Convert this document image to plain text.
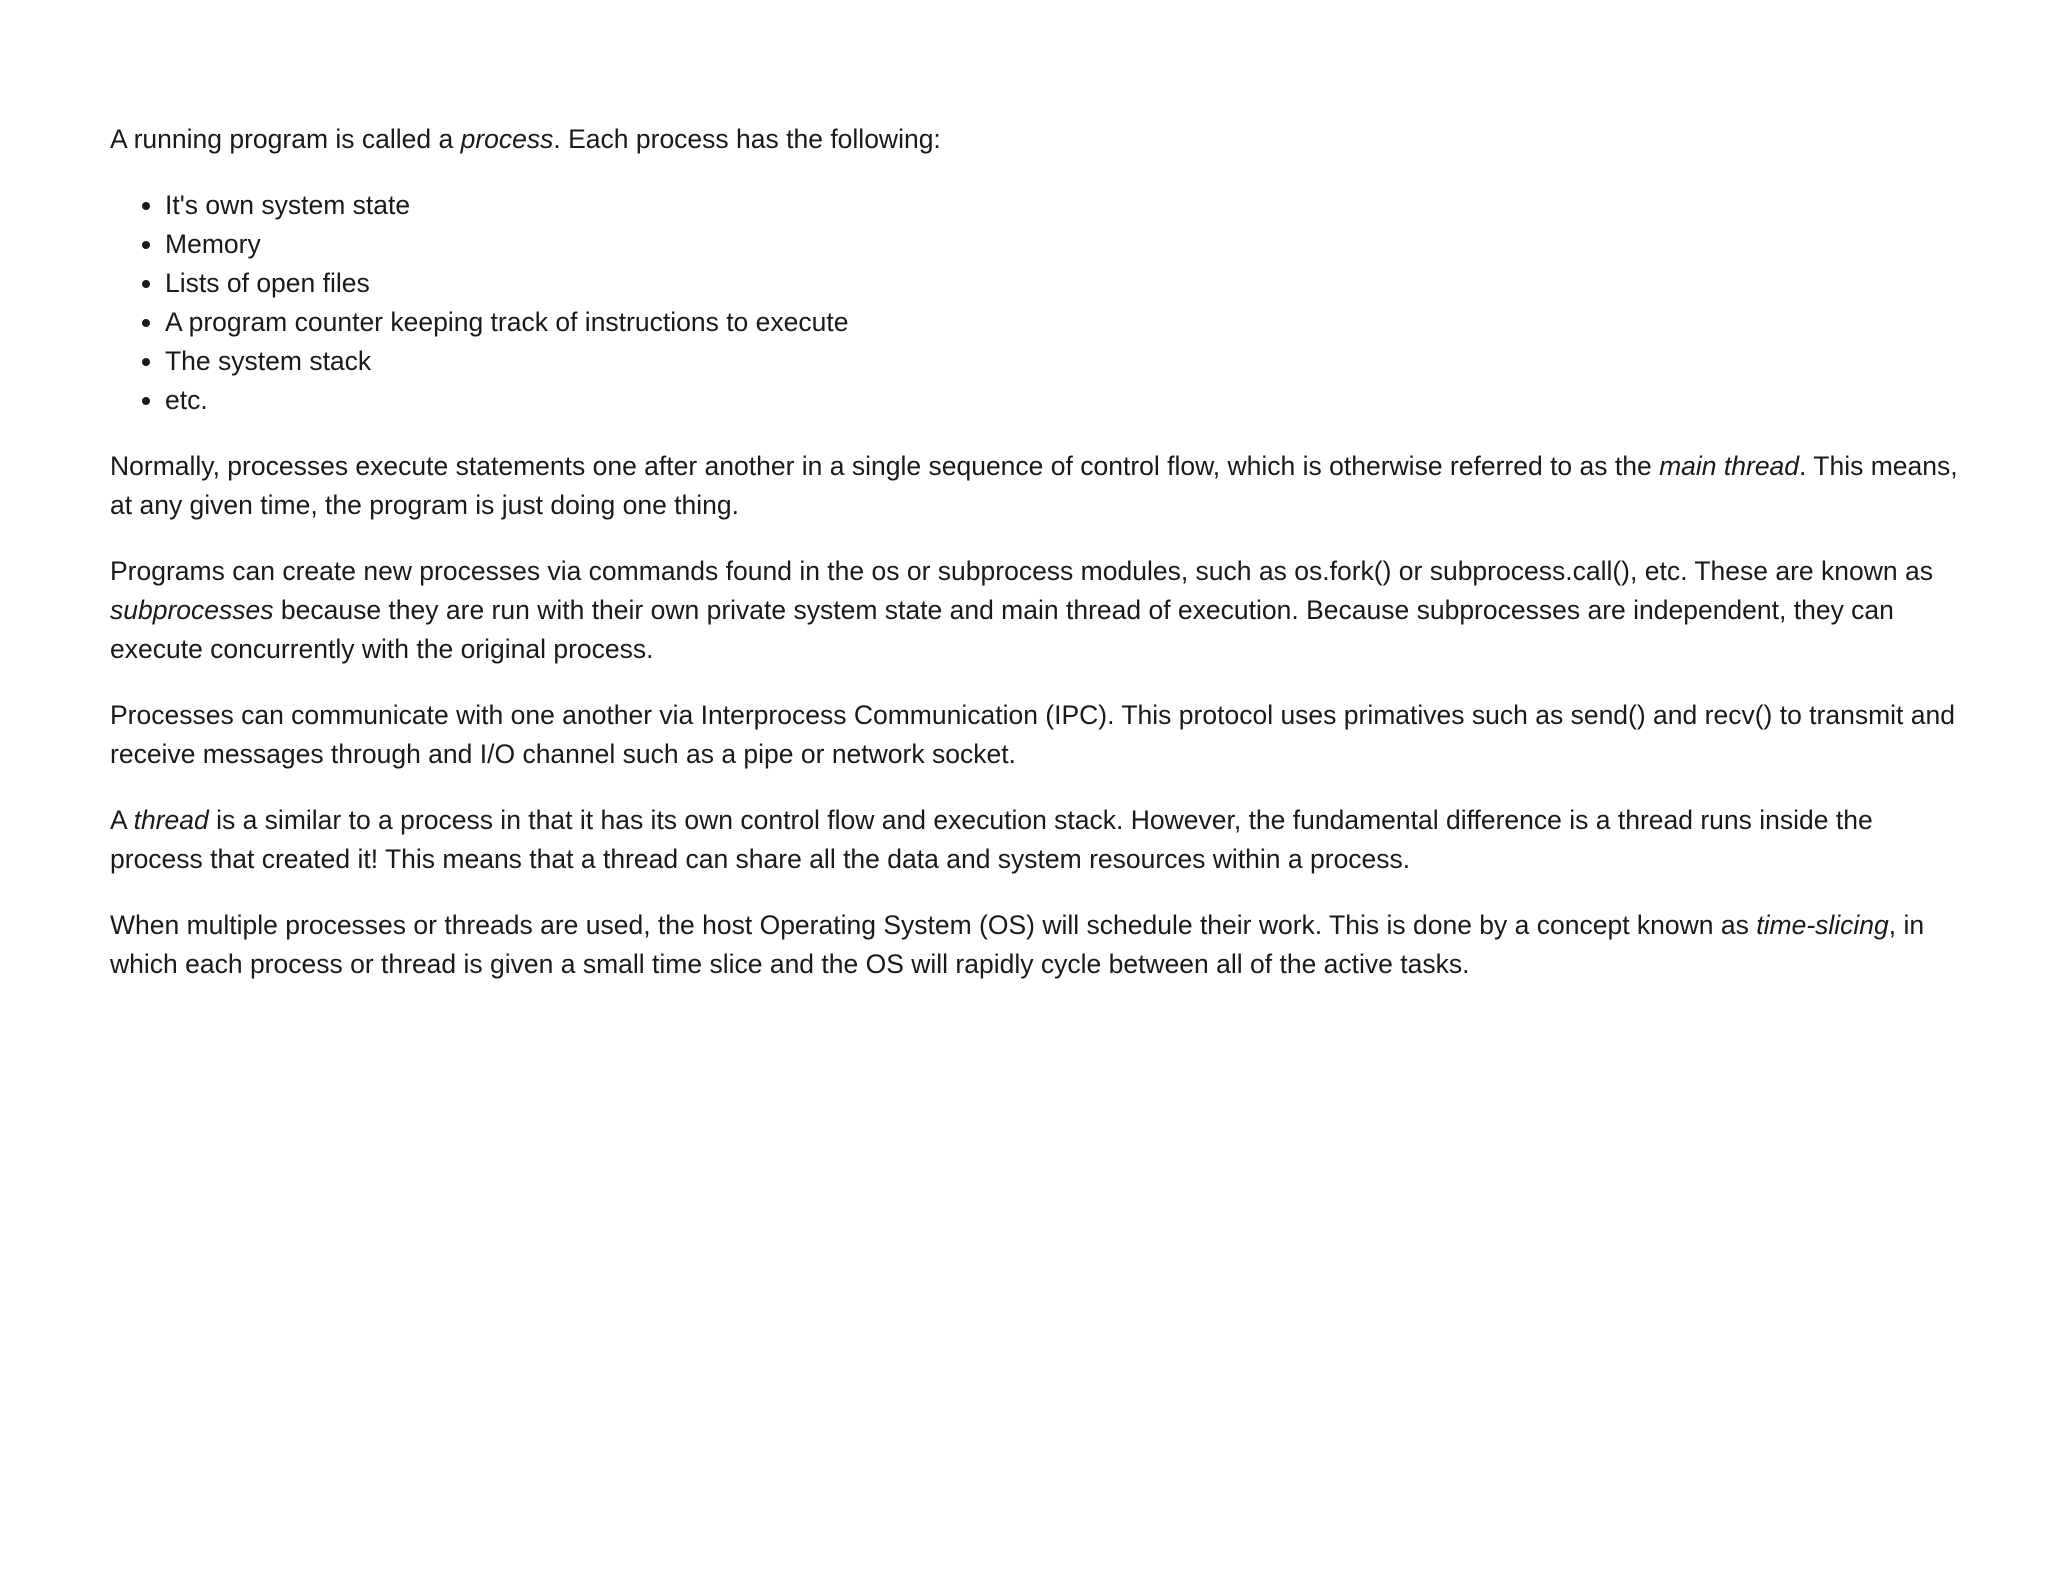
A running program is called a process. Each process has the following:

• It's own system state
• Memory
• Lists of open files
• A program counter keeping track of instructions to execute
• The system stack
• etc.

Normally, processes execute statements one after another in a single sequence of control flow, which is otherwise referred to as the main thread. This means, at any given time, the program is just doing one thing.

Programs can create new processes via commands found in the os or subprocess modules, such as os.fork() or subprocess.call(), etc. These are known as subprocesses because they are run with their own private system state and main thread of execution. Because subprocesses are independent, they can execute concurrently with the original process.

Processes can communicate with one another via Interprocess Communication (IPC). This protocol uses primatives such as send() and recv() to transmit and receive messages through and I/O channel such as a pipe or network socket.

A thread is a similar to a process in that it has its own control flow and execution stack. However, the fundamental difference is a thread runs inside the process that created it! This means that a thread can share all the data and system resources within a process.

When multiple processes or threads are used, the host Operating System (OS) will schedule their work. This is done by a concept known as time-slicing, in which each process or thread is given a small time slice and the OS will rapidly cycle between all of the active tasks.
